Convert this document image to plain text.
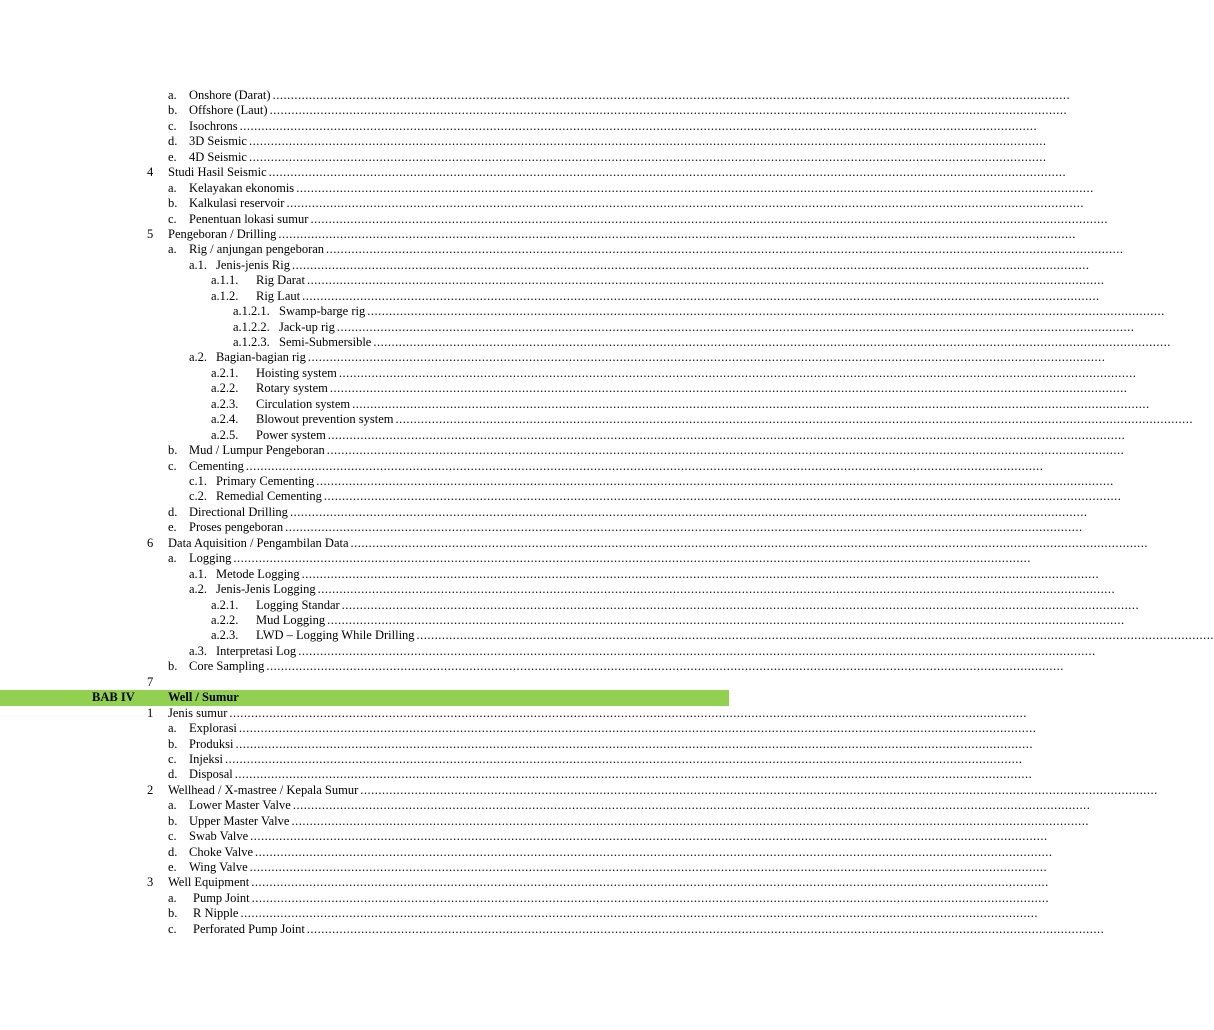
a. Onshore (Darat) ............................................................................................................................................................................................................................
b. Offshore (Laut) ............................................................................................................................................................................................................................
c. Isochrons ............................................................................................................................................................................................................................
d. 3D Seismic ............................................................................................................................................................................................................................
e. 4D Seismic ............................................................................................................................................................................................................................
4 Studi Hasil Seismic ............................................................................................................................................................................................................................
a. Kelayakan ekonomis ............................................................................................................................................................................................................................
b. Kalkulasi reservoir ............................................................................................................................................................................................................................
c. Penentuan lokasi sumur ............................................................................................................................................................................................................................
5 Pengeboran / Drilling ............................................................................................................................................................................................................................
a. Rig / anjungan pengeboran ............................................................................................................................................................................................................................
a.1. Jenis-jenis Rig ............................................................................................................................................................................................................................
a.1.1. Rig Darat ............................................................................................................................................................................................................................
a.1.2. Rig Laut ............................................................................................................................................................................................................................
a.1.2.1. Swamp-barge rig ............................................................................................................................................................................................................................
a.1.2.2. Jack-up rig ............................................................................................................................................................................................................................
a.1.2.3. Semi-Submersible ............................................................................................................................................................................................................................
a.2. Bagian-bagian rig ............................................................................................................................................................................................................................
a.2.1. Hoisting system ............................................................................................................................................................................................................................
a.2.2. Rotary system ............................................................................................................................................................................................................................
a.2.3. Circulation system ............................................................................................................................................................................................................................
a.2.4. Blowout prevention system ............................................................................................................................................................................................................................
a.2.5. Power system ............................................................................................................................................................................................................................
b. Mud / Lumpur Pengeboran ............................................................................................................................................................................................................................
c. Cementing ............................................................................................................................................................................................................................
c.1. Primary Cementing ............................................................................................................................................................................................................................
c.2. Remedial Cementing ............................................................................................................................................................................................................................
d. Directional Drilling ............................................................................................................................................................................................................................
e. Proses pengeboran ............................................................................................................................................................................................................................
6 Data Aquisition / Pengambilan Data ............................................................................................................................................................................................................................
a. Logging ............................................................................................................................................................................................................................
a.1. Metode Logging ............................................................................................................................................................................................................................
a.2. Jenis-Jenis Logging ............................................................................................................................................................................................................................
a.2.1. Logging Standar ............................................................................................................................................................................................................................
a.2.2. Mud Logging ............................................................................................................................................................................................................................
a.2.3. LWD – Logging While Drilling ............................................................................................................................................................................................................................
a.3. Interpretasi Log ............................................................................................................................................................................................................................
b. Core Sampling ............................................................................................................................................................................................................................
7
BAB IV	Well / Sumur
1 Jenis sumur ............................................................................................................................................................................................................................
a. Explorasi ............................................................................................................................................................................................................................
b. Produksi ............................................................................................................................................................................................................................
c. Injeksi ............................................................................................................................................................................................................................
d. Disposal ............................................................................................................................................................................................................................
2 Wellhead / X-mastree / Kepala Sumur ............................................................................................................................................................................................................................
a. Lower Master Valve ............................................................................................................................................................................................................................
b. Upper Master Valve ............................................................................................................................................................................................................................
c. Swab Valve ............................................................................................................................................................................................................................
d. Choke Valve ............................................................................................................................................................................................................................
e. Wing Valve ............................................................................................................................................................................................................................
3 Well Equipment ............................................................................................................................................................................................................................
a. Pump Joint ............................................................................................................................................................................................................................
b. R Nipple ............................................................................................................................................................................................................................
c. Perforated Pump Joint ............................................................................................................................................................................................................................
